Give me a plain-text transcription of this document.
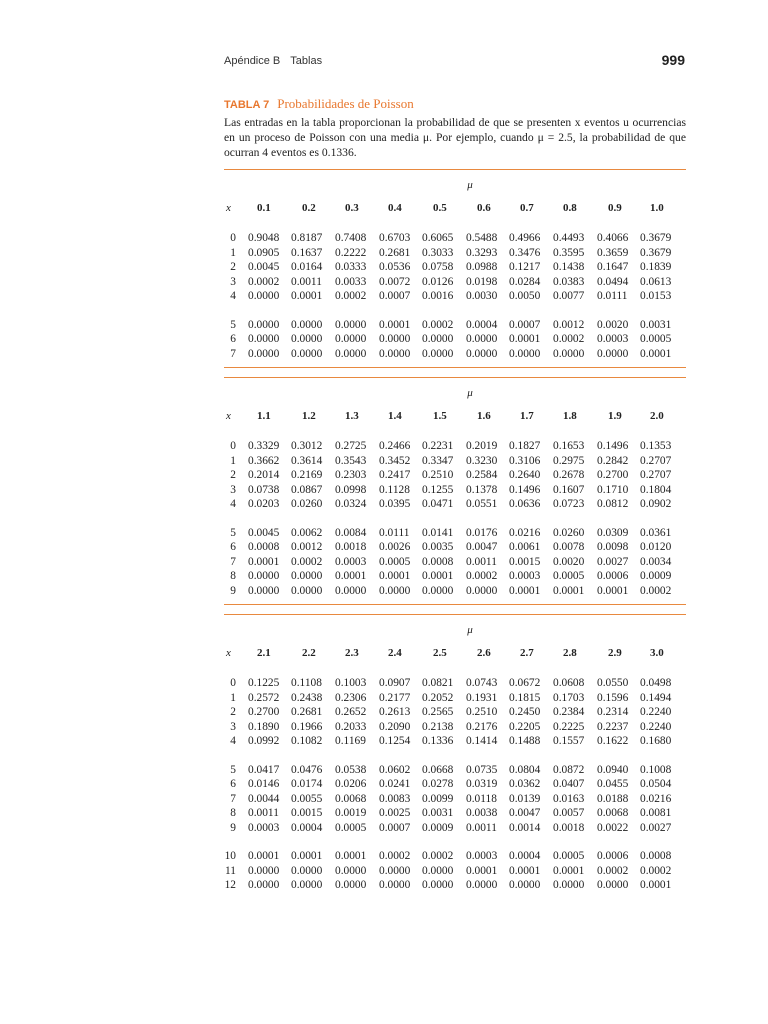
Apéndice B Tablas	999
TABLA 7 Probabilidades de Poisson
Las entradas en la tabla proporcionan la probabilidad de que se presenten x eventos u ocurrencias en un proceso de Poisson con una media μ. Por ejemplo, cuando μ = 2.5, la probabilidad de que ocurran 4 eventos es 0.1336.
μ
x 0.1	0.2	0.3	0.4	0.5	0.6	0.7	0.8	0.9	1.0
0 0.9048 0.8187 0.7408 0.6703 0.6065 0.5488 0.4966 0.4493 0.4066 0.3679
1 0.0905 0.1637 0.2222 0.2681 0.3033 0.3293 0.3476 0.3595 0.3659 0.3679
2 0.0045 0.0164 0.0333 0.0536 0.0758 0.0988 0.1217 0.1438 0.1647 0.1839
3 0.0002 0.0011 0.0033 0.0072 0.0126 0.0198 0.0284 0.0383 0.0494 0.0613
4 0.0000 0.0001 0.0002 0.0007 0.0016 0.0030 0.0050 0.0077 0.0111 0.0153
5 0.0000 0.0000 0.0000 0.0001 0.0002 0.0004 0.0007 0.0012 0.0020 0.0031
6 0.0000 0.0000 0.0000 0.0000 0.0000 0.0000 0.0001 0.0002 0.0003 0.0005
7 0.0000 0.0000 0.0000 0.0000 0.0000 0.0000 0.0000 0.0000 0.0000 0.0001
μ
x 1.1	1.2	1.3	1.4	1.5	1.6	1.7	1.8	1.9	2.0
0 0.3329 0.3012 0.2725 0.2466 0.2231 0.2019 0.1827 0.1653 0.1496 0.1353
1 0.3662 0.3614 0.3543 0.3452 0.3347 0.3230 0.3106 0.2975 0.2842 0.2707
2 0.2014 0.2169 0.2303 0.2417 0.2510 0.2584 0.2640 0.2678 0.2700 0.2707
3 0.0738 0.0867 0.0998 0.1128 0.1255 0.1378 0.1496 0.1607 0.1710 0.1804
4 0.0203 0.0260 0.0324 0.0395 0.0471 0.0551 0.0636 0.0723 0.0812 0.0902
5 0.0045 0.0062 0.0084 0.0111 0.0141 0.0176 0.0216 0.0260 0.0309 0.0361
6 0.0008 0.0012 0.0018 0.0026 0.0035 0.0047 0.0061 0.0078 0.0098 0.0120
7 0.0001 0.0002 0.0003 0.0005 0.0008 0.0011 0.0015 0.0020 0.0027 0.0034
8 0.0000 0.0000 0.0001 0.0001 0.0001 0.0002 0.0003 0.0005 0.0006 0.0009
9 0.0000 0.0000 0.0000 0.0000 0.0000 0.0000 0.0001 0.0001 0.0001 0.0002
μ
x 2.1	2.2	2.3	2.4	2.5	2.6	2.7	2.8	2.9	3.0
0 0.1225 0.1108 0.1003 0.0907 0.0821 0.0743 0.0672 0.0608 0.0550 0.0498
1 0.2572 0.2438 0.2306 0.2177 0.2052 0.1931 0.1815 0.1703 0.1596 0.1494
2 0.2700 0.2681 0.2652 0.2613 0.2565 0.2510 0.2450 0.2384 0.2314 0.2240
3 0.1890 0.1966 0.2033 0.2090 0.2138 0.2176 0.2205 0.2225 0.2237 0.2240
4 0.0992 0.1082 0.1169 0.1254 0.1336 0.1414 0.1488 0.1557 0.1622 0.1680
5 0.0417 0.0476 0.0538 0.0602 0.0668 0.0735 0.0804 0.0872 0.0940 0.1008
6 0.0146 0.0174 0.0206 0.0241 0.0278 0.0319 0.0362 0.0407 0.0455 0.0504
7 0.0044 0.0055 0.0068 0.0083 0.0099 0.0118 0.0139 0.0163 0.0188 0.0216
8 0.0011 0.0015 0.0019 0.0025 0.0031 0.0038 0.0047 0.0057 0.0068 0.0081
9 0.0003 0.0004 0.0005 0.0007 0.0009 0.0011 0.0014 0.0018 0.0022 0.0027
10 0.0001 0.0001 0.0001 0.0002 0.0002 0.0003 0.0004 0.0005 0.0006 0.0008
11 0.0000 0.0000 0.0000 0.0000 0.0000 0.0001 0.0001 0.0001 0.0002 0.0002
12 0.0000 0.0000 0.0000 0.0000 0.0000 0.0000 0.0000 0.0000 0.0000 0.0001
